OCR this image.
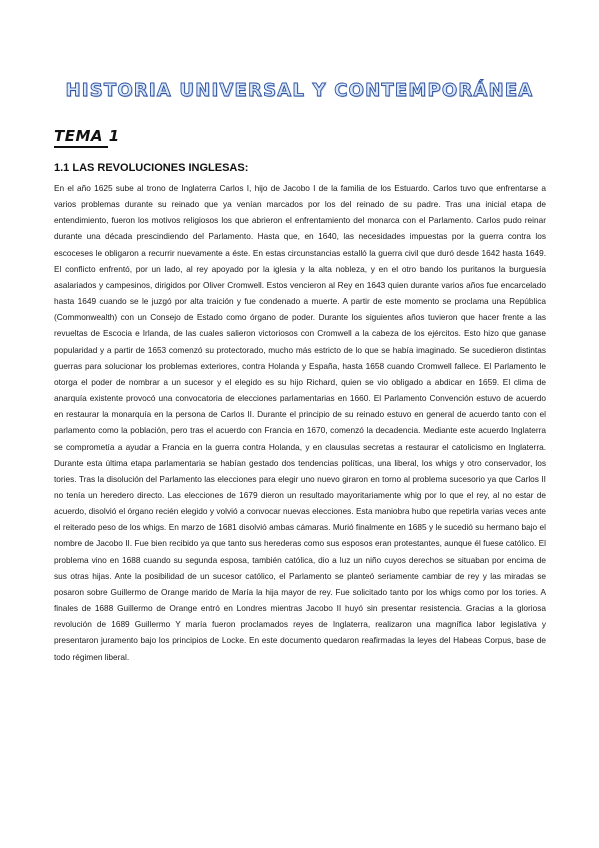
HISTORIA UNIVERSAL Y CONTEMPORÁNEA
TEMA 1
1.1 LAS REVOLUCIONES INGLESAS:
En el año 1625 sube al trono de Inglaterra Carlos I, hijo de Jacobo I de la familia de los Estuardo. Carlos tuvo que enfrentarse a varios problemas durante su reinado que ya venían marcados por los del reinado de su padre. Tras una inicial etapa de entendimiento, fueron los motivos religiosos los que abrieron el enfrentamiento del monarca con el Parlamento. Carlos pudo reinar durante una década prescindiendo del Parlamento. Hasta que, en 1640, las necesidades impuestas por la guerra contra los escoceses le obligaron a recurrir nuevamente a éste. En estas circunstancias estalló la guerra civil que duró desde 1642 hasta 1649. El conflicto enfrentó, por un lado, al rey apoyado por la iglesia y la alta nobleza, y en el otro bando los puritanos la burguesía asalariados y campesinos, dirigidos por Oliver Cromwell. Estos vencieron al Rey en 1643 quien durante varios años fue encarcelado hasta 1649 cuando se le juzgó por alta traición y fue condenado a muerte. A partir de este momento se proclama una República (Commonwealth) con un Consejo de Estado como órgano de poder. Durante los siguientes años tuvieron que hacer frente a las revueltas de Escocia e Irlanda, de las cuales salieron victoriosos con Cromwell a la cabeza de los ejércitos. Esto hizo que ganase popularidad y a partir de 1653 comenzó su protectorado, mucho más estricto de lo que se había imaginado. Se sucedieron distintas guerras para solucionar los problemas exteriores, contra Holanda y España, hasta 1658 cuando Cromwell fallece. El Parlamento le otorga el poder de nombrar a un sucesor y el elegido es su hijo Richard, quien se vio obligado a abdicar en 1659. El clima de anarquía existente provocó una convocatoria de elecciones parlamentarias en 1660. El Parlamento Convención estuvo de acuerdo en restaurar la monarquía en la persona de Carlos II. Durante el principio de su reinado estuvo en general de acuerdo tanto con el parlamento como la población, pero tras el acuerdo con Francia en 1670, comenzó la decadencia. Mediante este acuerdo Inglaterra se comprometía a ayudar a Francia en la guerra contra Holanda, y en clausulas secretas a restaurar el catolicismo en Inglaterra. Durante esta última etapa parlamentaria se habían gestado dos tendencias políticas, una liberal, los whigs y otro conservador, los tories. Tras la disolución del Parlamento las elecciones para elegir uno nuevo giraron en torno al problema sucesorio ya que Carlos II no tenía un heredero directo. Las elecciones de 1679 dieron un resultado mayoritariamente whig por lo que el rey, al no estar de acuerdo, disolvió el órgano recién elegido y volvió a convocar nuevas elecciones. Esta maniobra hubo que repetirla varias veces ante el reiterado peso de los whigs. En marzo de 1681 disolvió ambas cámaras. Murió finalmente en 1685 y le sucedió su hermano bajo el nombre de Jacobo II. Fue bien recibido ya que tanto sus herederas como sus esposos eran protestantes, aunque él fuese católico. El problema vino en 1688 cuando su segunda esposa, también católica, dio a luz un niño cuyos derechos se situaban por encima de sus otras hijas. Ante la posibilidad de un sucesor católico, el Parlamento se planteó seriamente cambiar de rey y las miradas se posaron sobre Guillermo de Orange marido de María la hija mayor de rey. Fue solicitado tanto por los whigs como por los tories. A finales de 1688 Guillermo de Orange entró en Londres mientras Jacobo II huyó sin presentar resistencia. Gracias a la gloriosa revolución de 1689 Guillermo Y maría fueron proclamados reyes de Inglaterra, realizaron una magnífica labor legislativa y presentaron juramento bajo los principios de Locke. En este documento quedaron reafirmadas la leyes del Habeas Corpus, base de todo régimen liberal.
